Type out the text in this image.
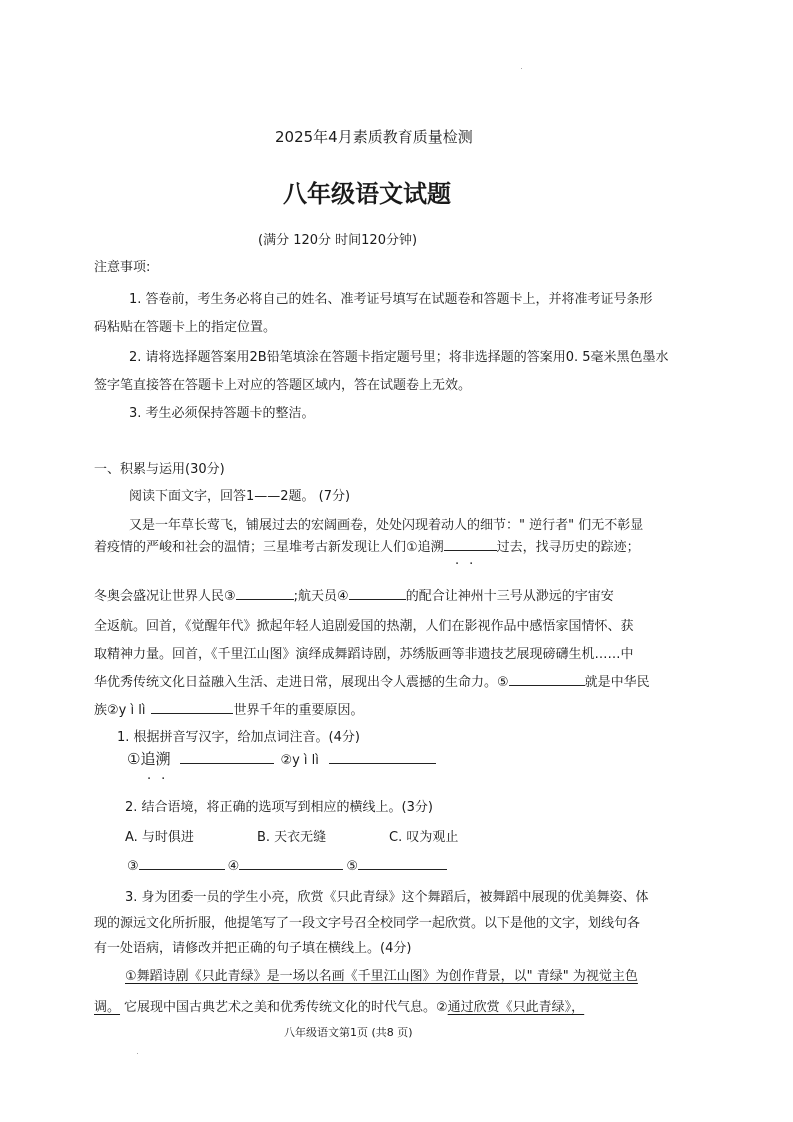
2025年4月素质教育质量检测
八年级语文试题
(满分 120分 时间120分钟)
注意事项:
1. 答卷前，考生务必将自己的姓名、准考证号填写在试题卷和答题卡上，并将准考证号条形
码粘贴在答题卡上的指定位置。
2. 请将选择题答案用2B铅笔填涂在答题卡指定题号里；将非选择题的答案用0. 5毫米黑色墨水
签字笔直接答在答题卡上对应的答题区域内，答在试题卷上无效。
3. 考生必须保持答题卡的整洁。
一、积累与运用(30分)
阅读下面文字，回答1——2题。 (7分)
又是一年草长莺飞，铺展过去的宏阔画卷，处处闪现着动人的细节：" 逆行者" 们无不彰显
着疫情的严峻和社会的温情；三星堆考古新发现让人们①追溯	过去，找寻历史的踪迹；
··
冬奥会盛况让世界人民③	;航天员④	的配合让神州十三号从渺远的宇宙安
全返航。回首，《觉醒年代》掀起年轻人追剧爱国的热潮，人们在影视作品中感悟家国情怀、获
取精神力量。回首，《千里江山图》演绎成舞蹈诗剧，苏绣版画等非遗技艺展现磅礴生机……中
华优秀传统文化日益融入生活、走进日常，展现出令人震撼的生命力。⑤	就是中华民
族②y ì lì	世界千年的重要原因。
1. 根据拼音写汉字，给加点词注音。(4分)
①追溯	②y ì lì
··
2. 结合语境，将正确的选项写到相应的横线上。(3分)
A. 与时俱进	B. 天衣无缝	C. 叹为观止
③	④	⑤
3. 身为团委一员的学生小亮，欣赏《只此青绿》这个舞蹈后，被舞蹈中展现的优美舞姿、体
现的源远文化所折服，他提笔写了一段文字号召全校同学一起欣赏。以下是他的文字，划线句各
有一处语病，请修改并把正确的句子填在横线上。(4分)
①舞蹈诗剧《只此青绿》是一场以名画《千里江山图》为创作背景，以" 青绿" 为视觉主色
调。 它展现中国古典艺术之美和优秀传统文化的时代气息。②通过欣赏《只此青绿》，
八年级语文第1页 (共8 页)
